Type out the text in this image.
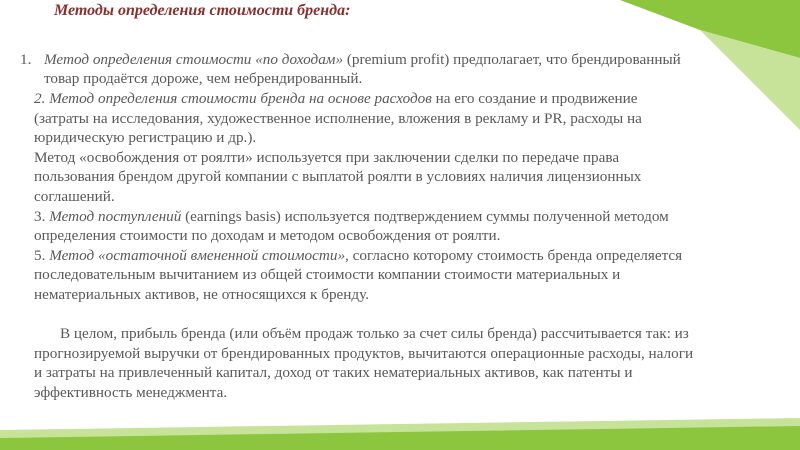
Методы определения стоимости бренда:
1. Метод определения стоимости «по доходам» (premium profit) предполагает, что брендированный
товар продаётся дороже, чем небрендированный.
2. Метод определения стоимости бренда на основе расходов на его создание и продвижение
(затраты на исследования, художественное исполнение, вложения в рекламу и PR, расходы на
юридическую регистрацию и др.).
Метод «освобождения от роялти» используется при заключении сделки по передаче права
пользования брендом другой компании с выплатой роялти в условиях наличия лицензионных
соглашений.
3. Метод поступлений (earnings basis) используется подтверждением суммы полученной методом
определения стоимости по доходам и методом освобождения от роялти.
5. Метод «остаточной вмененной стоимости», согласно которому стоимость бренда определяется
последовательным вычитанием из общей стоимости компании стоимости материальных и
нематериальных активов, не относящихся к бренду.
В целом, прибыль бренда (или объём продаж только за счет силы бренда) рассчитывается так: из
прогнозируемой выручки от брендированных продуктов, вычитаются операционные расходы, налоги
и затраты на привлеченный капитал, доход от таких нематериальных активов, как патенты и
эффективность менеджмента.
